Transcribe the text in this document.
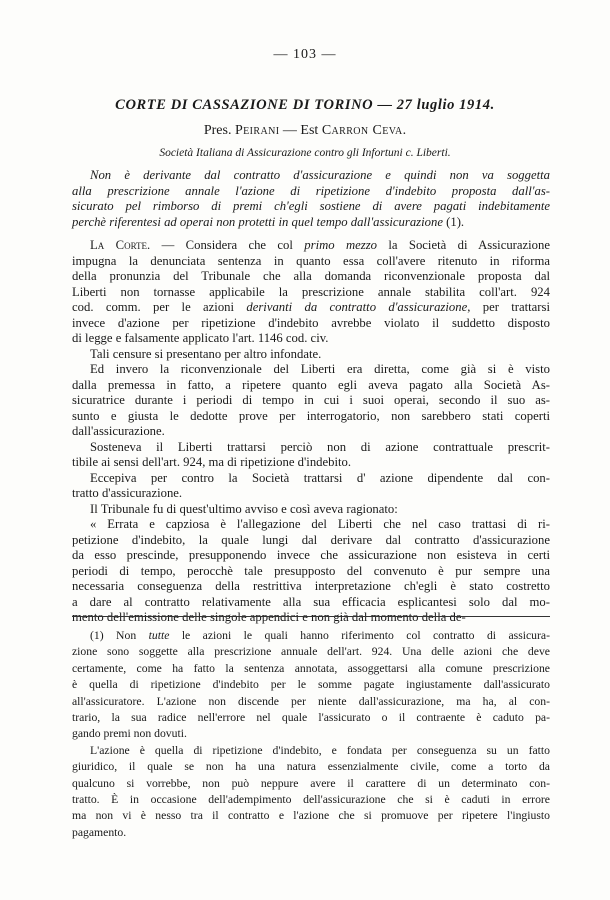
— 103 —
CORTE DI CASSAZIONE DI TORINO — 27 luglio 1914.
Pres. Peirani — Est Carron Ceva.
Società Italiana di Assicurazione contro gli Infortuni c. Liberti.
Non è derivante dal contratto d'assicurazione e quindi non va soggetta
alla prescrizione annale l'azione di ripetizione d'indebito proposta dall'as-
sicurato pel rimborso di premi ch'egli sostiene di avere pagati indebitamente
perchè riferentesi ad operai non protetti in quel tempo dall'assicurazione (1).
La Corte. — Considera che col primo mezzo la Società di Assicurazione
impugna la denunciata sentenza in quanto essa coll'avere ritenuto in riforma
della pronunzia del Tribunale che alla domanda riconvenzionale proposta dal
Liberti non tornasse applicabile la prescrizione annale stabilita coll'art. 924
cod. comm. per le azioni derivanti da contratto d'assicurazione, per trattarsi
invece d'azione per ripetizione d'indebito avrebbe violato il suddetto disposto
di legge e falsamente applicato l'art. 1146 cod. civ.
Tali censure si presentano per altro infondate.
Ed invero la riconvenzionale del Liberti era diretta, come già si è visto
dalla premessa in fatto, a ripetere quanto egli aveva pagato alla Società As-
sicuratrice durante i periodi di tempo in cui i suoi operai, secondo il suo as-
sunto e giusta le dedotte prove per interrogatorio, non sarebbero stati coperti
dall'assicurazione.
Sosteneva il Liberti trattarsi perciò non di azione contrattuale prescrit-
tibile ai sensi dell'art. 924, ma di ripetizione d'indebito.
Eccepiva per contro la Società trattarsi d' azione dipendente dal con-
tratto d'assicurazione.
Il Tribunale fu di quest'ultimo avviso e così aveva ragionato:
« Errata e capziosa è l'allegazione del Liberti che nel caso trattasi di ri-
petizione d'indebito, la quale lungi dal derivare dal contratto d'assicurazione
da esso prescinde, presupponendo invece che assicurazione non esisteva in certi
periodi di tempo, perocchè tale presupposto del convenuto è pur sempre una
necessaria conseguenza della restrittiva interpretazione ch'egli è stato costretto
a dare al contratto relativamente alla sua efficacia esplicantesi solo dal mo-
mento dell'emissione delle singole appendici e non già dal momento della de-
(1) Non tutte le azioni le quali hanno riferimento col contratto di assicura-
zione sono soggette alla prescrizione annuale dell'art. 924. Una delle azioni che deve
certamente, come ha fatto la sentenza annotata, assoggettarsi alla comune prescrizione
è quella di ripetizione d'indebito per le somme pagate ingiustamente dall'assicurato
all'assicuratore. L'azione non discende per niente dall'assicurazione, ma ha, al con-
trario, la sua radice nell'errore nel quale l'assicurato o il contraente è caduto pa-
gando premi non dovuti.
L'azione è quella di ripetizione d'indebito, e fondata per conseguenza su un fatto
giuridico, il quale se non ha una natura essenzialmente civile, come a torto da
qualcuno si vorrebbe, non può neppure avere il carattere di un determinato con-
tratto. È in occasione dell'adempimento dell'assicurazione che si è caduti in errore
ma non vi è nesso tra il contratto e l'azione che si promuove per ripetere l'ingiusto
pagamento.
